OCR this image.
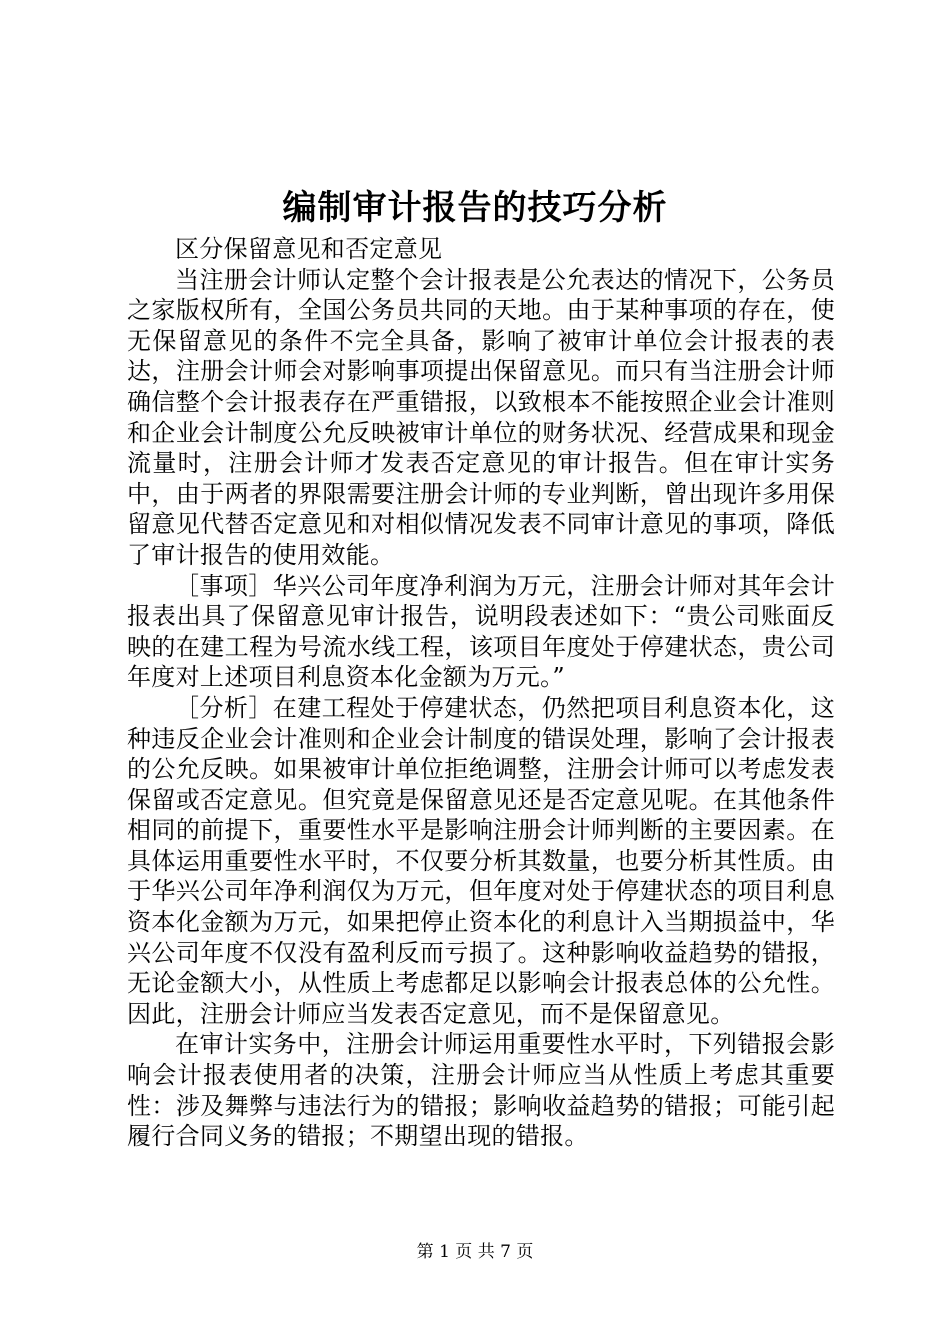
编制审计报告的技巧分析

区分保留意见和否定意见

当注册会计师认定整个会计报表是公允表达的情况下，公务员之家版权所有，全国公务员共同的天地。由于某种事项的存在，使无保留意见的条件不完全具备，影响了被审计单位会计报表的表达，注册会计师会对影响事项提出保留意见。而只有当注册会计师确信整个会计报表存在严重错报，以致根本不能按照企业会计准则和企业会计制度公允反映被审计单位的财务状况、经营成果和现金流量时，注册会计师才发表否定意见的审计报告。但在审计实务中，由于两者的界限需要注册会计师的专业判断，曾出现许多用保留意见代替否定意见和对相似情况发表不同审计意见的事项，降低了审计报告的使用效能。

［事项］华兴公司年度净利润为万元，注册会计师对其年会计报表出具了保留意见审计报告，说明段表述如下：“贵公司账面反映的在建工程为号流水线工程，该项目年度处于停建状态，贵公司年度对上述项目利息资本化金额为万元。”

［分析］在建工程处于停建状态，仍然把项目利息资本化，这种违反企业会计准则和企业会计制度的错误处理，影响了会计报表的公允反映。如果被审计单位拒绝调整，注册会计师可以考虑发表保留或否定意见。但究竟是保留意见还是否定意见呢。在其他条件相同的前提下，重要性水平是影响注册会计师判断的主要因素。在具体运用重要性水平时，不仅要分析其数量，也要分析其性质。由于华兴公司年净利润仅为万元，但年度对处于停建状态的项目利息资本化金额为万元，如果把停止资本化的利息计入当期损益中，华兴公司年度不仅没有盈利反而亏损了。这种影响收益趋势的错报，无论金额大小，从性质上考虑都足以影响会计报表总体的公允性。因此，注册会计师应当发表否定意见，而不是保留意见。

在审计实务中，注册会计师运用重要性水平时，下列错报会影响会计报表使用者的决策，注册会计师应当从性质上考虑其重要性：涉及舞弊与违法行为的错报；影响收益趋势的错报；可能引起履行合同义务的错报；不期望出现的错报。

第 1 页 共 7 页
